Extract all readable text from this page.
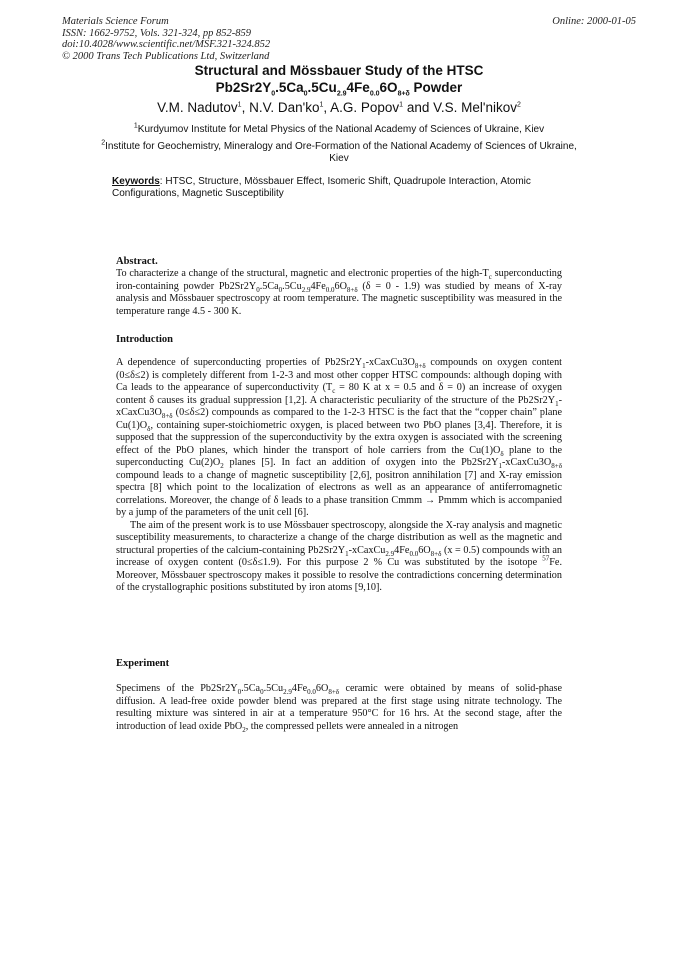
Materials Science Forum
ISSN: 1662-9752, Vols. 321-324, pp 852-859
doi:10.4028/www.scientific.net/MSF.321-324.852
© 2000 Trans Tech Publications Ltd, Switzerland
Online: 2000-01-05
Structural and Mössbauer Study of the HTSC
$Pb2Sr2Y_0.5Ca_0.5Cu_{2.9}4Fe_{0.0}6O_{8+\delta}$ Powder
V.M. Nadutov$^1$, N.V. $Dan'ko^1$, A.G. Popov$^1$ and V.S. Mel'nikov$^2$
$^1$Kurdyumov Institute for Metal Physics of the National Academy of Sciences of Ukraine, Kiev
$^2$Institute for Geochemistry, Mineralogy and Ore-Formation of the National Academy of Sciences of Ukraine, Kiev
Keywords: HTSC, Structure, Mössbauer Effect, Isomeric Shift, Quadrupole Interaction, Atomic Configurations, Magnetic Susceptibility
Abstract.
To characterize a change of the structural, magnetic and electronic properties of the high-$T_c$ superconducting iron-containing powder $Pb2Sr2Y_0.5Ca_0.5Cu_{2.9}4Fe_{0.0}6O_{8+\delta}$ (δ = 0 - 1.9) was studied by means of X-ray analysis and Mössbauer spectroscopy at room temperature. The magnetic susceptibility was measured in the temperature range 4.5 - 300 K.
Introduction
A dependence of superconducting properties of $Pb2Sr2Y_1-xCaxCu3O_{8+\delta}$ compounds on oxygen content (0≤δ≤2) is completely different from 1-2-3 and most other copper HTSC compounds: although doping with Ca leads to the appearance of superconductivity ($T_c = 80$ K at x = 0.5 and δ = 0) an increase of oxygen content δ causes its gradual suppression [1,2]. A characteristic peculiarity of the structure of the $Pb2Sr2Y_1-xCaxCu3O_{8+\delta}$ (0≤δ≤2) compounds as compared to the 1-2-3 HTSC is the fact that the “copper chain” plane $Cu(1)O_\delta$, containing super-stoichiometric oxygen, is placed between two PbO planes [3,4]. Therefore, it is supposed that the suppression of the superconductivity by the extra oxygen is associated with the screening effect of the PbO planes, which hinder the transport of hole carriers from the $Cu(1)O_\delta$ plane to the superconducting $Cu(2)O_2$ planes [5]. In fact an addition of oxygen into the $Pb2Sr2Y_1-xCaxCu3O_{8+\delta}$ compound leads to a change of magnetic susceptibility [2,6], positron annihilation [7] and X-ray emission spectra [8] which point to the localization of electrons as well as an appearance of antiferromagnetic correlations. Moreover, the change of δ leads to a phase transition Cmmm → Pmmm which is accompanied by a jump of the parameters of the unit cell [6].
The aim of the present work is to use Mössbauer spectroscopy, alongside the X-ray analysis and magnetic susceptibility measurements, to characterize a change of the charge distribution as well as the magnetic and structural properties of the calcium-containing $Pb2Sr2Y_1-xCaxCu_{2.9}4Fe_{0.0}6O_{8+\delta}$ (x = 0.5) compounds with an increase of oxygen content (0≤δ≤1.9). For this purpose 2 % Cu was substituted by the isotope $^{57}$Fe. Moreover, Mössbauer spectroscopy makes it possible to resolve the contradictions concerning determination of the crystallographic positions substituted by iron atoms [9,10].
Experiment
Specimens of the $Pb2Sr2Y_0.5Ca_0.5Cu_{2.9}4Fe_{0.0}6O_{8+\delta}$ ceramic were obtained by means of solid-phase diffusion. A lead-free oxide powder blend was prepared at the first stage using nitrate technology. The resulting mixture was sintered in air at a temperature 950°C for 16 hrs. At the second stage, after the introduction of lead oxide PbO$_2$, the compressed pellets were annealed in a nitrogen
